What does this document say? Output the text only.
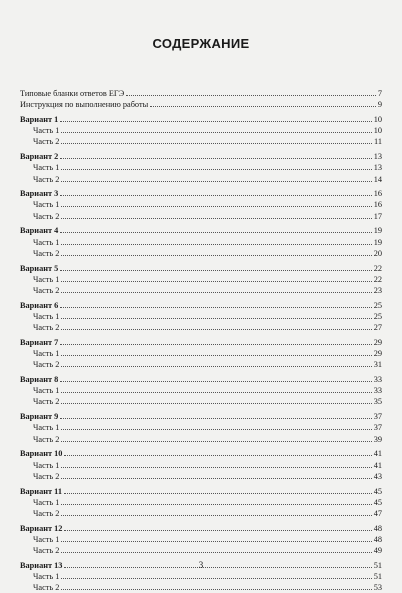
СОДЕРЖАНИЕ
Типовые бланки ответов ЕГЭ	7
Инструкция по выполнению работы	9
Вариант 1	10
Часть 1	10
Часть 2	11
Вариант 2	13
Часть 1	13
Часть 2	14
Вариант 3	16
Часть 1	16
Часть 2	17
Вариант 4	19
Часть 1	19
Часть 2	20
Вариант 5	22
Часть 1	22
Часть 2	23
Вариант 6	25
Часть 1	25
Часть 2	27
Вариант 7	29
Часть 1	29
Часть 2	31
Вариант 8	33
Часть 1	33
Часть 2	35
Вариант 9	37
Часть 1	37
Часть 2	39
Вариант 10	41
Часть 1	41
Часть 2	43
Вариант 11	45
Часть 1	45
Часть 2	47
Вариант 12	48
Часть 1	48
Часть 2	49
Вариант 13	51
Часть 1	51
Часть 2	53
3
